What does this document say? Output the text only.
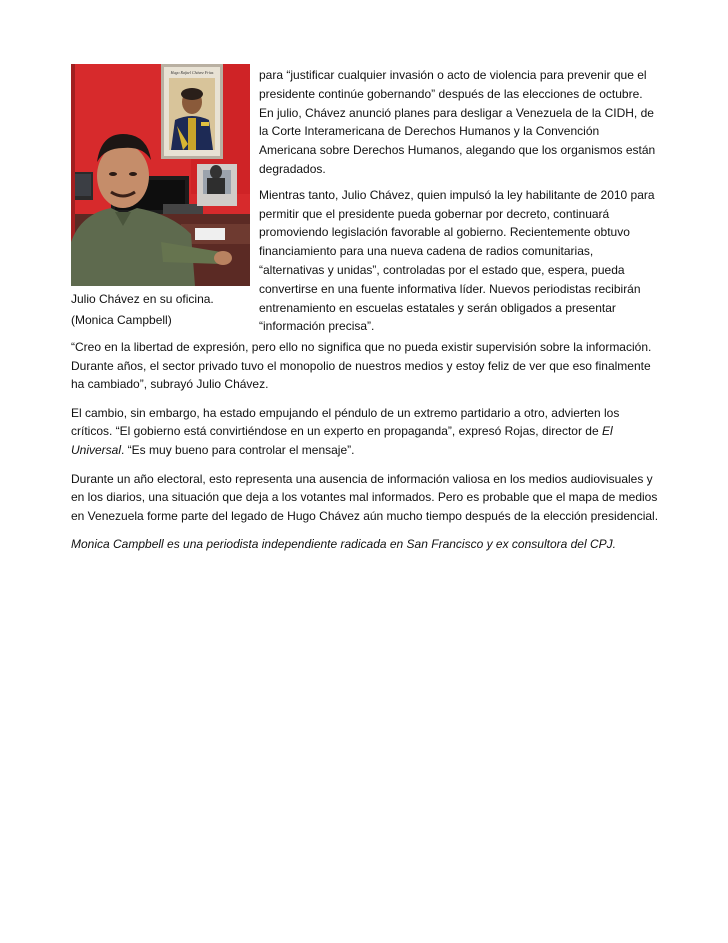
Hugo Rafael Chávez Frías
Julio Chávez en su oficina.
(Monica Campbell)

para “justificar cualquier invasión o acto de violencia para prevenir que el presidente continúe gobernando” después de las elecciones de octubre. En julio, Chávez anunció planes para desligar a Venezuela de la CIDH, de la Corte Interamericana de Derechos Humanos y la Convención Americana sobre Derechos Humanos, alegando que los organismos están degradados.

Mientras tanto, Julio Chávez, quien impulsó la ley habilitante de 2010 para permitir que el presidente pueda gobernar por decreto, continuará promoviendo legislación favorable al gobierno. Recientemente obtuvo financiamiento para una nueva cadena de radios comunitarias, “alternativas y unidas”, controladas por el estado que, espera, pueda convertirse en una fuente informativa líder. Nuevos periodistas recibirán entrenamiento en escuelas estatales y serán obligados a presentar “información precisa”.

“Creo en la libertad de expresión, pero ello no significa que no pueda existir supervisión sobre la información. Durante años, el sector privado tuvo el monopolio de nuestros medios y estoy feliz de ver que eso finalmente ha cambiado”, subrayó Julio Chávez.

El cambio, sin embargo, ha estado empujando el péndulo de un extremo partidario a otro, advierten los críticos. “El gobierno está convirtiéndose en un experto en propaganda”, expresó Rojas, director de El Universal. “Es muy bueno para controlar el mensaje”.

Durante un año electoral, esto representa una ausencia de información valiosa en los medios audiovisuales y en los diarios, una situación que deja a los votantes mal informados. Pero es probable que el mapa de medios en Venezuela forme parte del legado de Hugo Chávez aún mucho tiempo después de la elección presidencial.

Monica Campbell es una periodista independiente radicada en San Francisco y ex consultora del CPJ.
